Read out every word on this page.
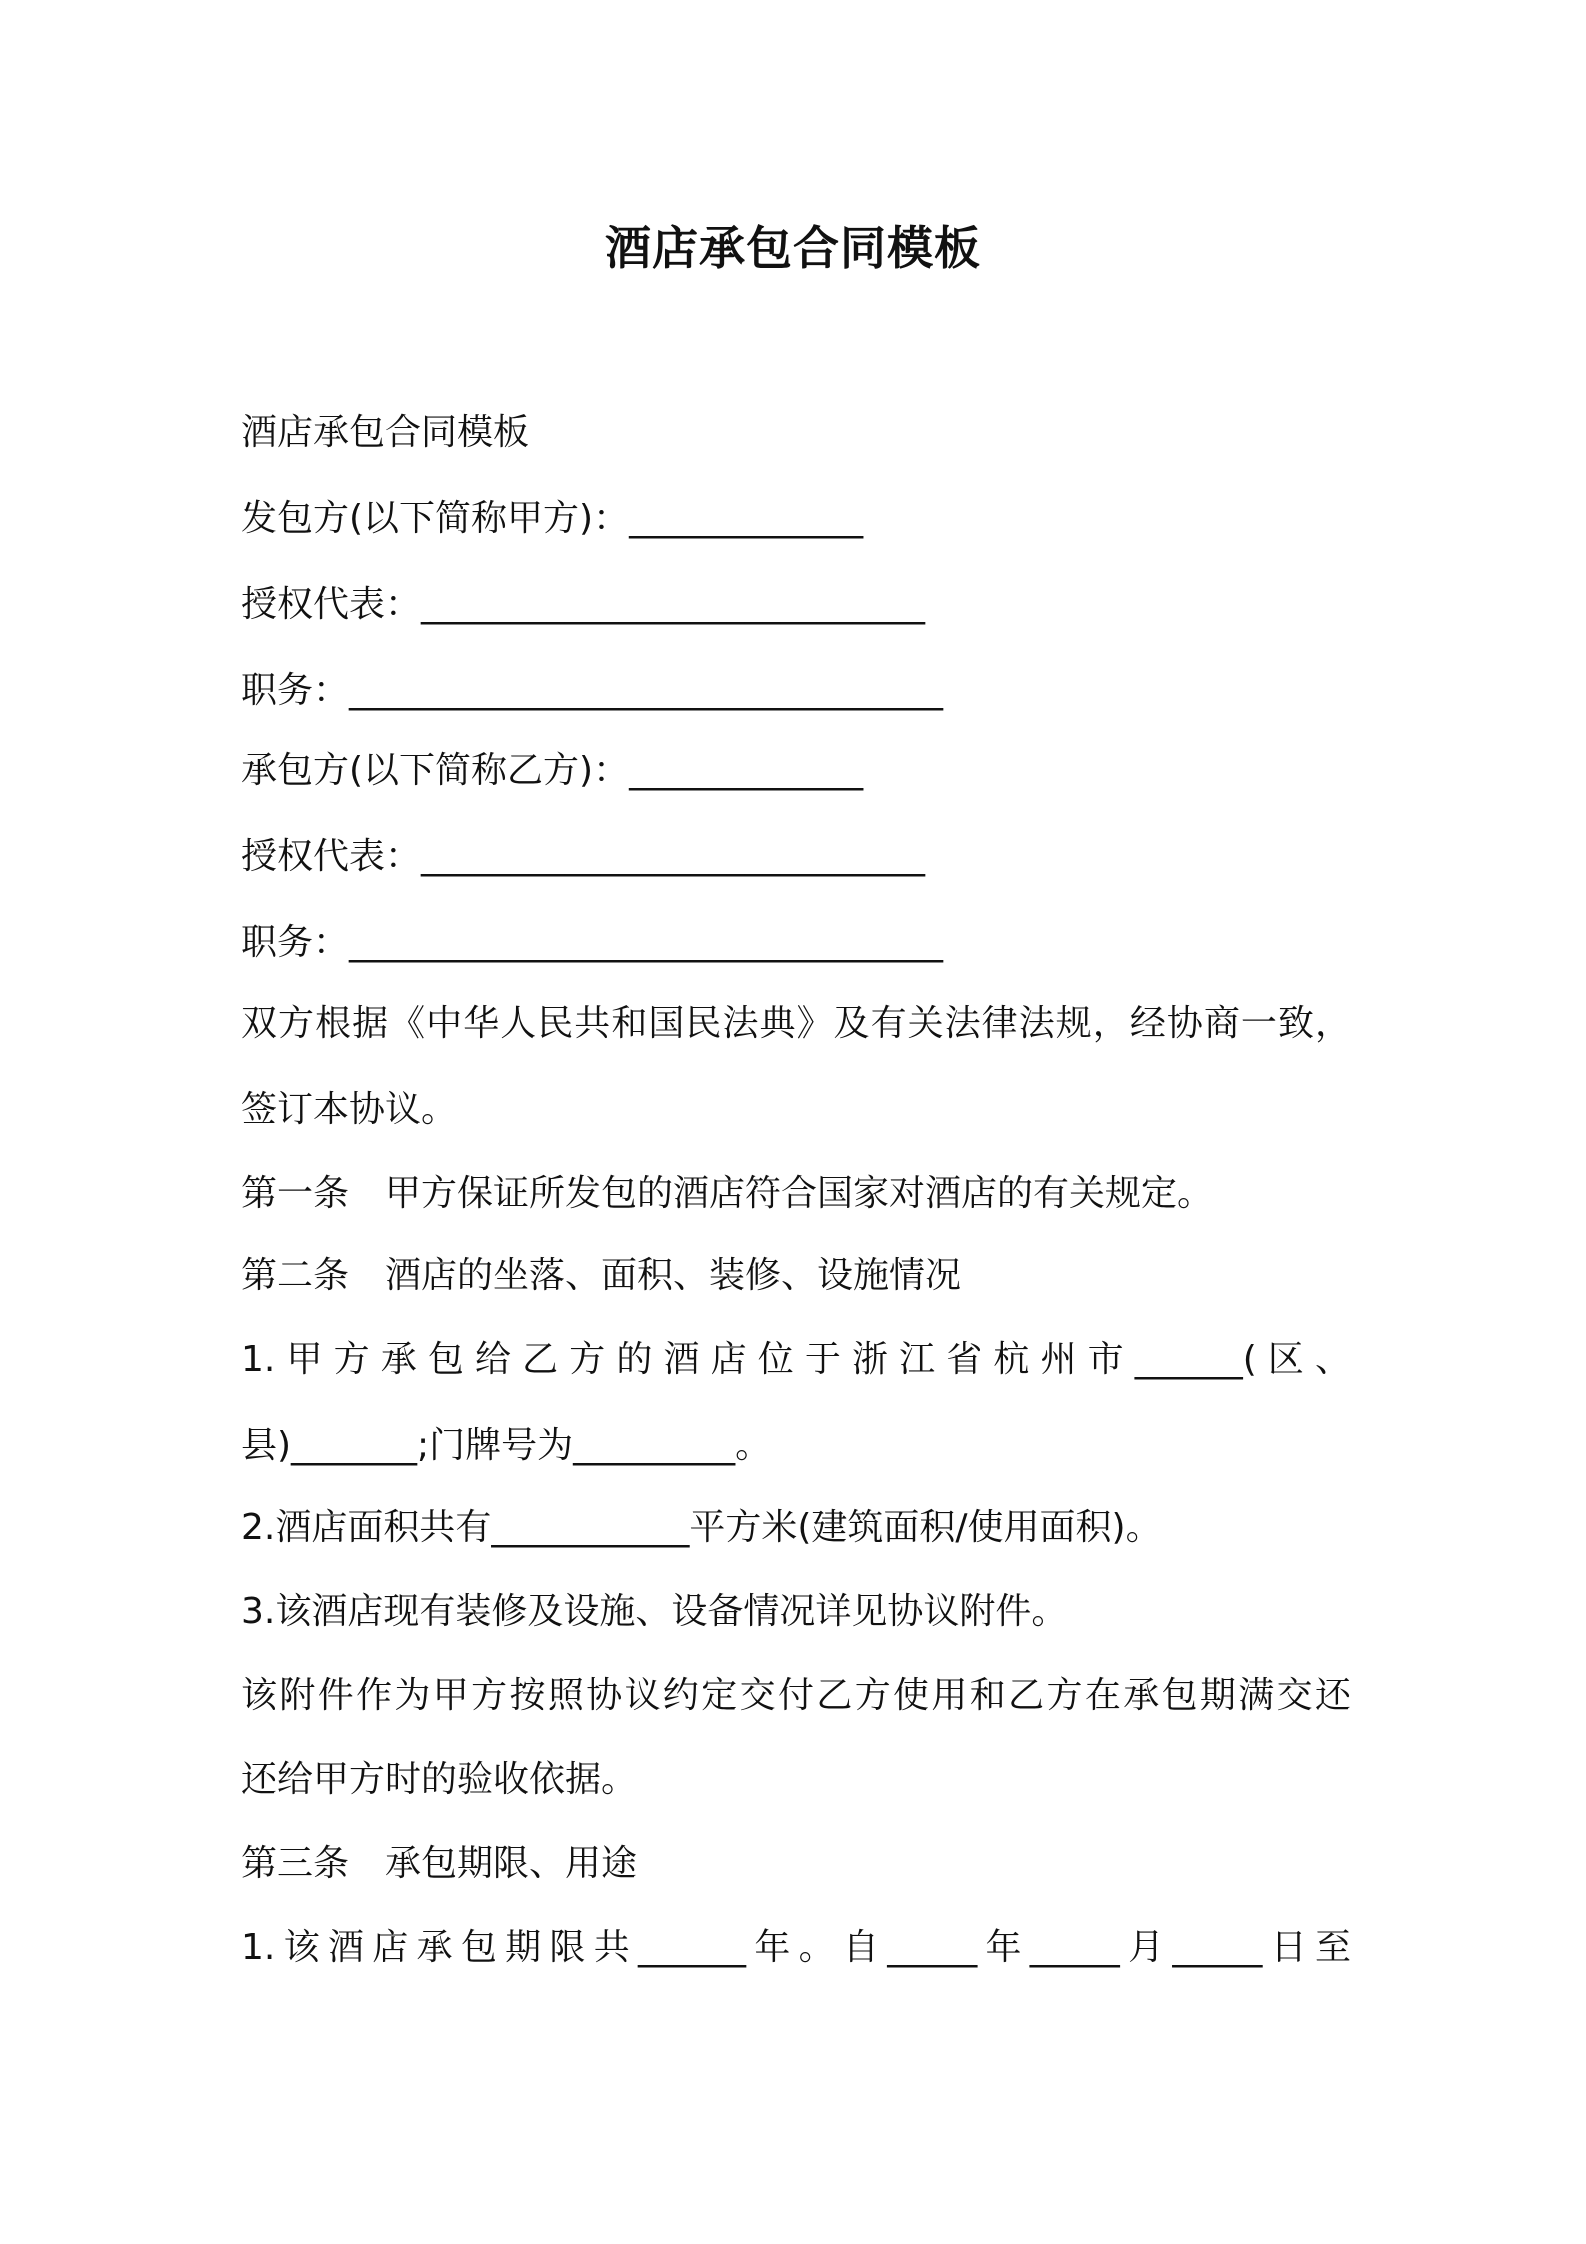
酒店承包合同模板
酒店承包合同模板
发包方(以下简称甲方)：_____________
授权代表：____________________________
职务：_________________________________
承包方(以下简称乙方)：_____________
授权代表：____________________________
职务：_________________________________
双方根据《中华人民共和国民法典》及有关法律法规，经协商一致，
签订本协议。
第一条　甲方保证所发包的酒店符合国家对酒店的有关规定。
第二条　酒店的坐落、面积、装修、设施情况
1.甲方承包给乙方的酒店位于浙江省杭州市______(区、
县)_______;门牌号为_________。
2.酒店面积共有___________平方米(建筑面积/使用面积)。
3.该酒店现有装修及设施、设备情况详见协议附件。
该附件作为甲方按照协议约定交付乙方使用和乙方在承包期满交还
还给甲方时的验收依据。
第三条　承包期限、用途
1.该酒店承包期限共______年。自_____年_____月_____日至
